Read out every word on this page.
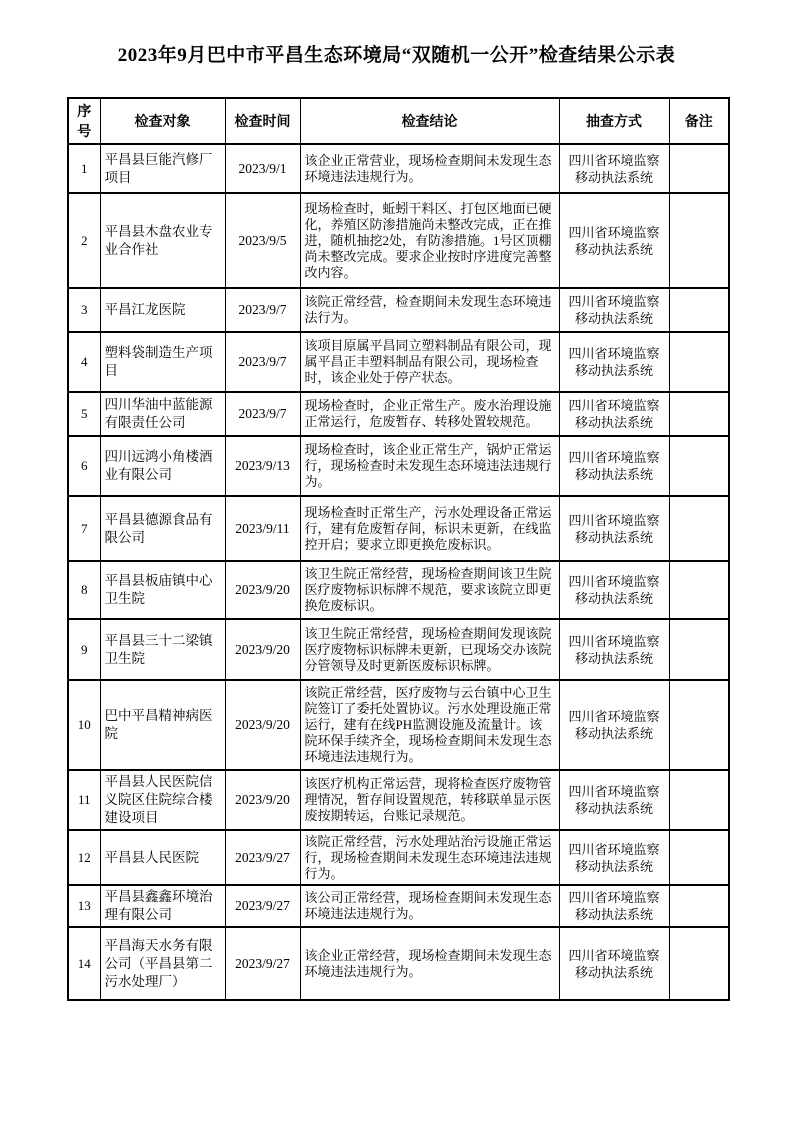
2023年9月巴中市平昌生态环境局“双随机一公开”检查结果公示表
序号	检查对象	检查时间	检查结论	抽查方式	备注
1	平昌县巨能汽修厂项目	2023/9/1	该企业正常营业，现场检查期间未发现生态环境违法违规行为。	四川省环境监察移动执法系统	
2	平昌县木盘农业专业合作社	2023/9/5	现场检查时，蚯蚓干料区、打包区地面已硬化，养殖区防渗措施尚未整改完成，正在推进，随机抽挖2处，有防渗措施。1号区顶棚尚未整改完成。要求企业按时序进度完善整改内容。	四川省环境监察移动执法系统	
3	平昌江龙医院	2023/9/7	该院正常经营，检查期间未发现生态环境违法行为。	四川省环境监察移动执法系统	
4	塑料袋制造生产项目	2023/9/7	该项目原属平昌同立塑料制品有限公司，现属平昌正丰塑料制品有限公司，现场检查时，该企业处于停产状态。	四川省环境监察移动执法系统	
5	四川华油中蓝能源有限责任公司	2023/9/7	现场检查时，企业正常生产。废水治理设施正常运行，危废暂存、转移处置较规范。	四川省环境监察移动执法系统	
6	四川远鸿小角楼酒业有限公司	2023/9/13	现场检查时，该企业正常生产，锅炉正常运行，现场检查时未发现生态环境违法违规行为。	四川省环境监察移动执法系统	
7	平昌县德源食品有限公司	2023/9/11	现场检查时正常生产，污水处理设备正常运行，建有危废暂存间，标识未更新，在线监控开启；要求立即更换危废标识。	四川省环境监察移动执法系统	
8	平昌县板庙镇中心卫生院	2023/9/20	该卫生院正常经营，现场检查期间该卫生院医疗废物标识标牌不规范，要求该院立即更换危废标识。	四川省环境监察移动执法系统	
9	平昌县三十二梁镇卫生院	2023/9/20	该卫生院正常经营，现场检查期间发现该院医疗废物标识标牌未更新，已现场交办该院分管领导及时更新医废标识标牌。	四川省环境监察移动执法系统	
10	巴中平昌精神病医院	2023/9/20	该院正常经营，医疗废物与云台镇中心卫生院签订了委托处置协议。污水处理设施正常运行，建有在线PH监测设施及流量计。该院环保手续齐全，现场检查期间未发现生态环境违法违规行为。	四川省环境监察移动执法系统	
11	平昌县人民医院信义院区住院综合楼建设项目	2023/9/20	该医疗机构正常运营，现将检查医疗废物管理情况，暂存间设置规范，转移联单显示医废按期转运，台账记录规范。	四川省环境监察移动执法系统	
12	平昌县人民医院	2023/9/27	该院正常经营，污水处理站治污设施正常运行，现场检查期间未发现生态环境违法违规行为。	四川省环境监察移动执法系统	
13	平昌县鑫鑫环境治理有限公司	2023/9/27	该公司正常经营，现场检查期间未发现生态环境违法违规行为。	四川省环境监察移动执法系统	
14	平昌海天水务有限公司（平昌县第二污水处理厂）	2023/9/27	该企业正常经营，现场检查期间未发现生态环境违法违规行为。	四川省环境监察移动执法系统	
